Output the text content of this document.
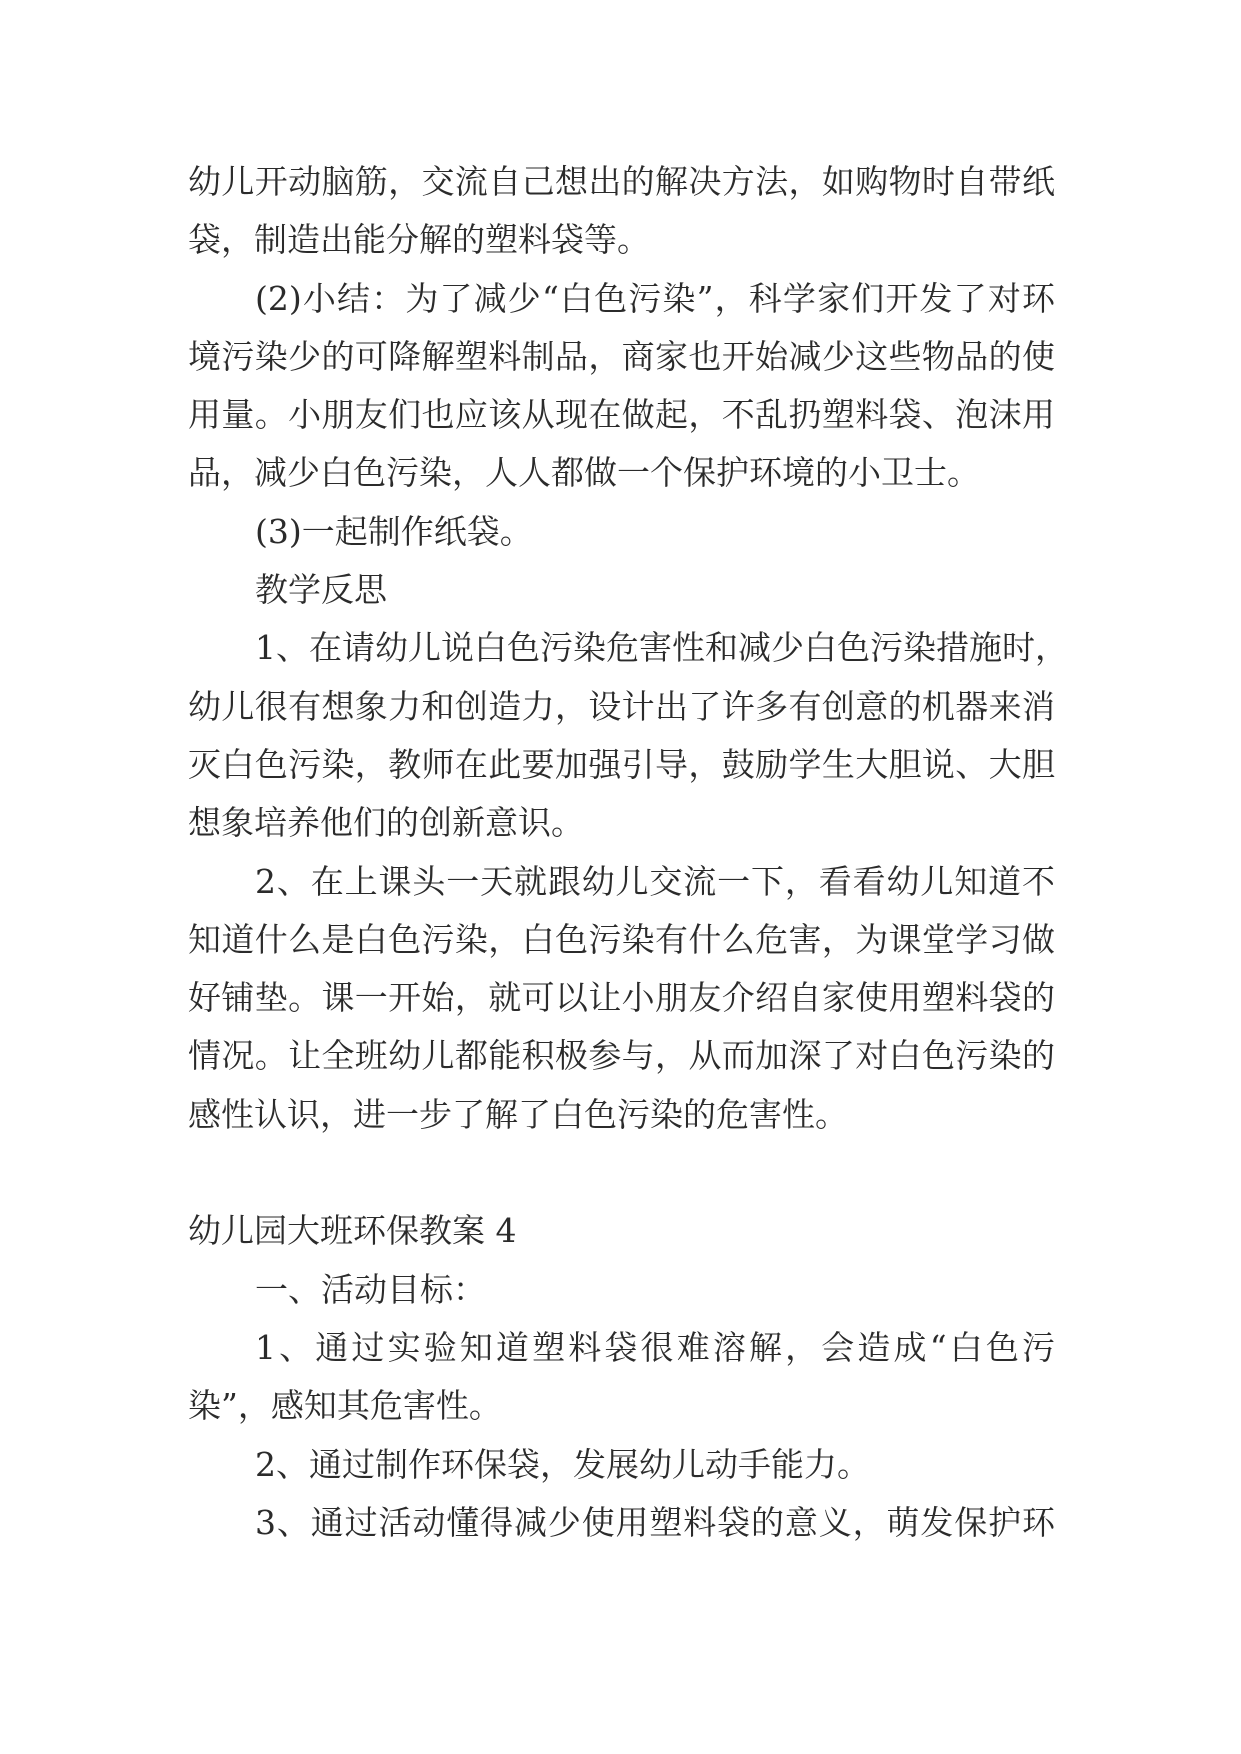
幼儿开动脑筋，交流自己想出的解决方法，如购物时自带纸
袋，制造出能分解的塑料袋等。
(2)小结：为了减少“白色污染”，科学家们开发了对环
境污染少的可降解塑料制品，商家也开始减少这些物品的使
用量。小朋友们也应该从现在做起，不乱扔塑料袋、泡沫用
品，减少白色污染，人人都做一个保护环境的小卫士。
(3)一起制作纸袋。
教学反思
1、在请幼儿说白色污染危害性和减少白色污染措施时，
幼儿很有想象力和创造力，设计出了许多有创意的机器来消
灭白色污染，教师在此要加强引导，鼓励学生大胆说、大胆
想象培养他们的创新意识。
2、在上课头一天就跟幼儿交流一下，看看幼儿知道不
知道什么是白色污染，白色污染有什么危害，为课堂学习做
好铺垫。课一开始，就可以让小朋友介绍自家使用塑料袋的
情况。让全班幼儿都能积极参与，从而加深了对白色污染的
感性认识，进一步了解了白色污染的危害性。
幼儿园大班环保教案 4
一、活动目标：
1、通过实验知道塑料袋很难溶解，会造成“白色污
染”，感知其危害性。
2、通过制作环保袋，发展幼儿动手能力。
3、通过活动懂得减少使用塑料袋的意义，萌发保护环
